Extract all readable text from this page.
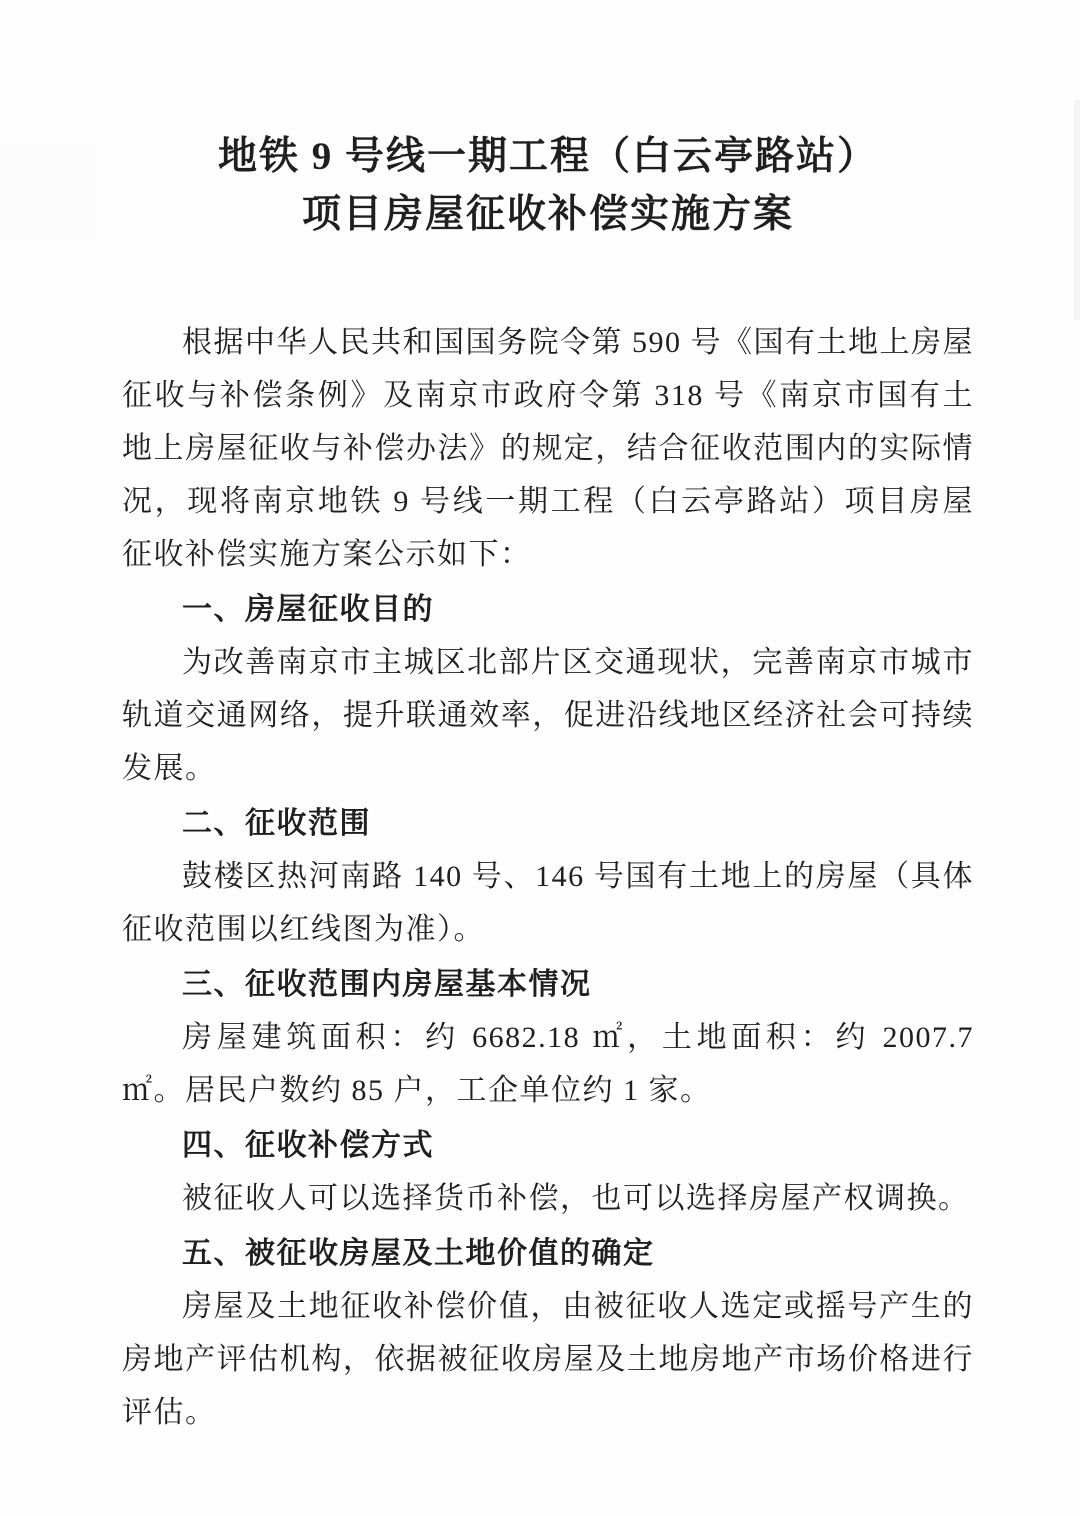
地铁 9 号线一期工程（白云亭路站）
项目房屋征收补偿实施方案

根据中华人民共和国国务院令第 590 号《国有土地上房屋征收与补偿条例》及南京市政府令第 318 号《南京市国有土地上房屋征收与补偿办法》的规定，结合征收范围内的实际情况，现将南京地铁 9 号线一期工程（白云亭路站）项目房屋征收补偿实施方案公示如下：

一、房屋征收目的

为改善南京市主城区北部片区交通现状，完善南京市城市轨道交通网络，提升联通效率，促进沿线地区经济社会可持续发展。

二、征收范围

鼓楼区热河南路 140 号、146 号国有土地上的房屋（具体征收范围以红线图为准）。

三、征收范围内房屋基本情况

房屋建筑面积：约 6682.18 ㎡，土地面积：约 2007.7 ㎡。居民户数约 85 户，工企单位约 1 家。

四、征收补偿方式

被征收人可以选择货币补偿，也可以选择房屋产权调换。

五、被征收房屋及土地价值的确定

房屋及土地征收补偿价值，由被征收人选定或摇号产生的房地产评估机构，依据被征收房屋及土地房地产市场价格进行评估。
